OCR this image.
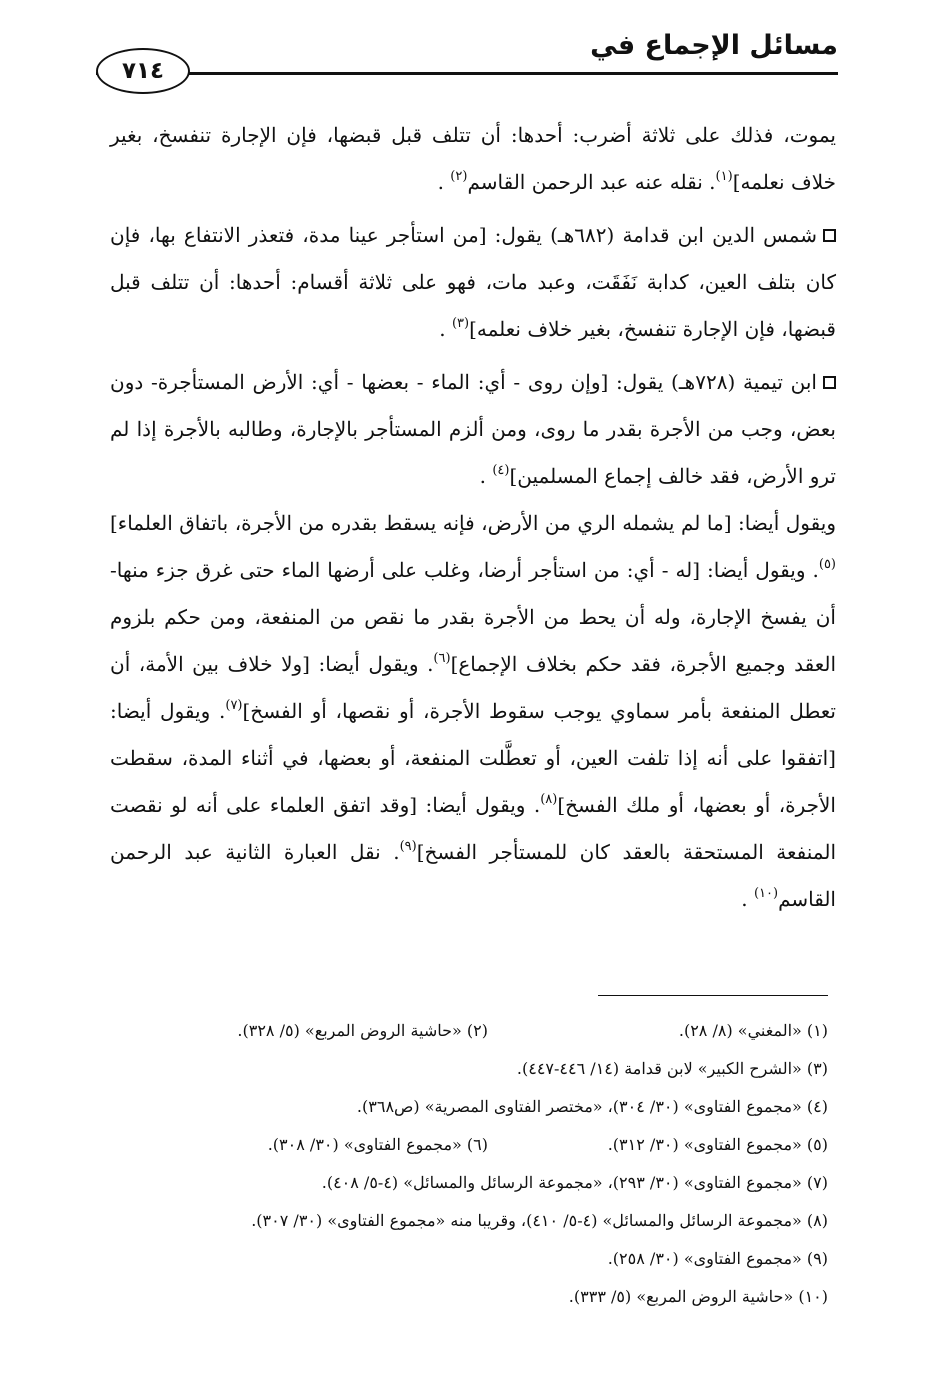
مسائل الإجماع في
٧١٤

يموت، فذلك على ثلاثة أضرب: أحدها: أن تتلف قبل قبضها، فإن الإجارة تنفسخ، بغير خلاف نعلمه]$^{(١)}$. نقله عنه عبد الرحمن القاسم$^{(٢)}$ .

شمس الدين ابن قدامة (٦٨٢هـ) يقول: [من استأجر عينا مدة، فتعذر الانتفاع بها، فإن كان بتلف العين، كدابة نَفَقَت، وعبد مات، فهو على ثلاثة أقسام: أحدها: أن تتلف قبل قبضها، فإن الإجارة تنفسخ، بغير خلاف نعلمه]$^{(٣)}$ .

ابن تيمية (٧٢٨هـ) يقول: [وإن روى - أي: الماء - بعضها - أي: الأرض المستأجرة- دون بعض، وجب من الأجرة بقدر ما روى، ومن ألزم المستأجر بالإجارة، وطالبه بالأجرة إذا لم ترو الأرض، فقد خالف إجماع المسلمين]$^{(٤)}$ .

ويقول أيضا: [ما لم يشمله الري من الأرض، فإنه يسقط بقدره من الأجرة، باتفاق العلماء]$^{(٥)}$. ويقول أيضا: [له - أي: من استأجر أرضا، وغلب على أرضها الماء حتى غرق جزء منها- أن يفسخ الإجارة، وله أن يحط من الأجرة بقدر ما نقص من المنفعة، ومن حكم بلزوم العقد وجميع الأجرة، فقد حكم بخلاف الإجماع]$^{(٦)}$. ويقول أيضا: [ولا خلاف بين الأمة، أن تعطل المنفعة بأمر سماوي يوجب سقوط الأجرة، أو نقصها، أو الفسخ]$^{(٧)}$. ويقول أيضا: [اتفقوا على أنه إذا تلفت العين، أو تعطَّلت المنفعة، أو بعضها، في أثناء المدة، سقطت الأجرة، أو بعضها، أو ملك الفسخ]$^{(٨)}$. ويقول أيضا: [وقد اتفق العلماء على أنه لو نقصت المنفعة المستحقة بالعقد كان للمستأجر الفسخ]$^{(٩)}$. نقل العبارة الثانية عبد الرحمن القاسم$^{(١٠)}$ .

(١) «المغني» (٨/ ٢٨).
(٢) «حاشية الروض المربع» (٥/ ٣٢٨).
(٣) «الشرح الكبير» لابن قدامة (١٤/ ٤٤٦-٤٤٧).
(٤) «مجموع الفتاوى» (٣٠/ ٣٠٤)، «مختصر الفتاوى المصرية» (ص٣٦٨).
(٥) «مجموع الفتاوى» (٣٠/ ٣١٢).
(٦) «مجموع الفتاوى» (٣٠/ ٣٠٨).
(٧) «مجموع الفتاوى» (٣٠/ ٢٩٣)، «مجموعة الرسائل والمسائل» (٤-٥/ ٤٠٨).
(٨) «مجموعة الرسائل والمسائل» (٤-٥/ ٤١٠)، وقريبا منه «مجموع الفتاوى» (٣٠/ ٣٠٧).
(٩) «مجموع الفتاوى» (٣٠/ ٢٥٨).
(١٠) «حاشية الروض المربع» (٥/ ٣٣٣).
